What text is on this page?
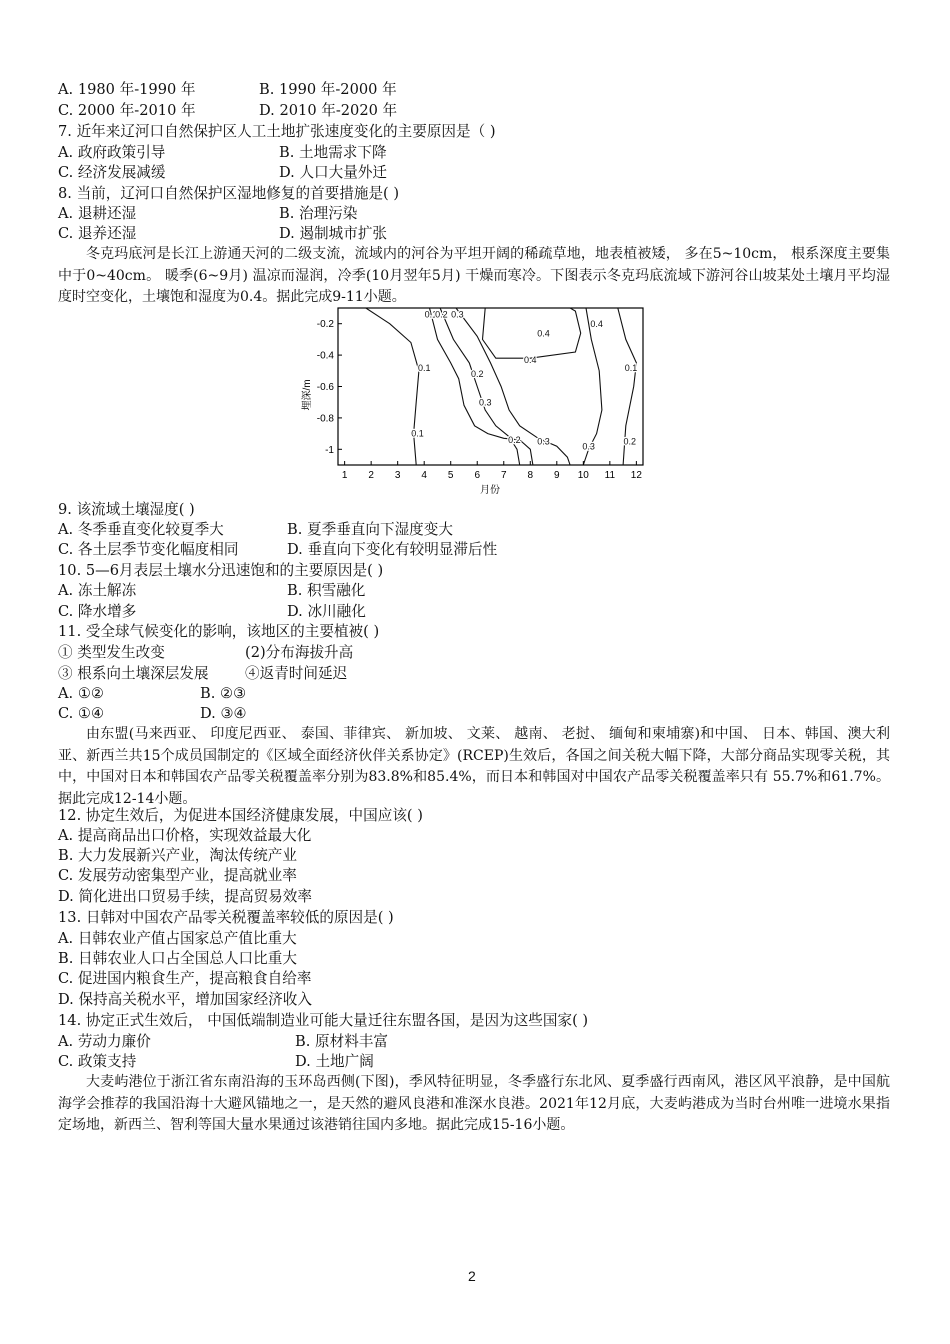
A. 1980 年-1990 年	B. 1990 年-2000 年
C. 2000 年-2010 年	D. 2010 年-2020 年
7. 近年来辽河口自然保护区人工土地扩张速度变化的主要原因是（ )
A. 政府政策引导	B. 土地需求下降
C. 经济发展减缓	D. 人口大量外迁
8. 当前，辽河口自然保护区湿地修复的首要措施是( )
A. 退耕还湿	B. 治理污染
C. 退养还湿	D. 遏制城市扩张
冬克玛底河是长江上游通天河的二级支流，流域内的河谷为平坦开阔的稀疏草地，地表植被矮， 多在5~10cm， 根系深度主要集中于0~40cm。 暖季(6~9月) 温凉而湿润，冷季(10月翌年5月) 干燥而寒冷。下图表示冬克玛底流域下游河谷山坡某处土壤月平均湿度时空变化，土壤饱和湿度为0.4。据此完成9-11小题。
0.1
0.2 0.3
0.4
0.4
0.4
0.3
0.2
0.1
0.1
0.2 0.3	0.3	0.2
0.1
1 2 3 4 5 6 7 8 9 10 11 12
-0.2
-0.4
-0.6
-0.8
-1
月份
埋深/m
9. 该流域土壤湿度( )
A. 冬季垂直变化较夏季大	B. 夏季垂直向下湿度变大
C. 各土层季节变化幅度相同	D. 垂直向下变化有较明显滞后性
10. 5—6月表层土壤水分迅速饱和的主要原因是( )
A. 冻土解冻	B. 积雪融化
C. 降水增多	D. 冰川融化
11. 受全球气候变化的影响，该地区的主要植被( )
① 类型发生改变	(2)分布海拔升高
③ 根系向土壤深层发展 ④返青时间延迟
A. ①②	B. ②③
C. ①④	D. ③④
由东盟(马来西亚、 印度尼西亚、 泰国、菲律宾、 新加坡、 文莱、 越南、 老挝、 缅甸和柬埔寨)和中国、 日本、韩国、澳大利亚、新西兰共15个成员国制定的《区域全面经济伙伴关系协定》(RCEP)生效后，各国之间关税大幅下降，大部分商品实现零关税，其中，中国对日本和韩国农产品零关税覆盖率分别为83.8%和85.4%，而日本和韩国对中国农产品零关税覆盖率只有 55.7%和61.7%。据此完成12-14小题。
12. 协定生效后，为促进本国经济健康发展，中国应该( )
A. 提高商品出口价格，实现效益最大化
B. 大力发展新兴产业，淘汰传统产业
C. 发展劳动密集型产业，提高就业率
D. 简化进出口贸易手续，提高贸易效率
13. 日韩对中国农产品零关税覆盖率较低的原因是( )
A. 日韩农业产值占国家总产值比重大
B. 日韩农业人口占全国总人口比重大
C. 促进国内粮食生产，提高粮食自给率
D. 保持高关税水平，增加国家经济收入
14. 协定正式生效后， 中国低端制造业可能大量迁往东盟各国，是因为这些国家( )
A. 劳动力廉价	B. 原材料丰富
C. 政策支持	D. 土地广阔
大麦屿港位于浙江省东南沿海的玉环岛西侧(下图)，季风特征明显，冬季盛行东北风、夏季盛行西南风，港区风平浪静，是中国航海学会推荐的我国沿海十大避风锚地之一，是天然的避风良港和准深水良港。2021年12月底，大麦屿港成为当时台州唯一进境水果指定场地，新西兰、智利等国大量水果通过该港销往国内多地。据此完成15-16小题。
2
